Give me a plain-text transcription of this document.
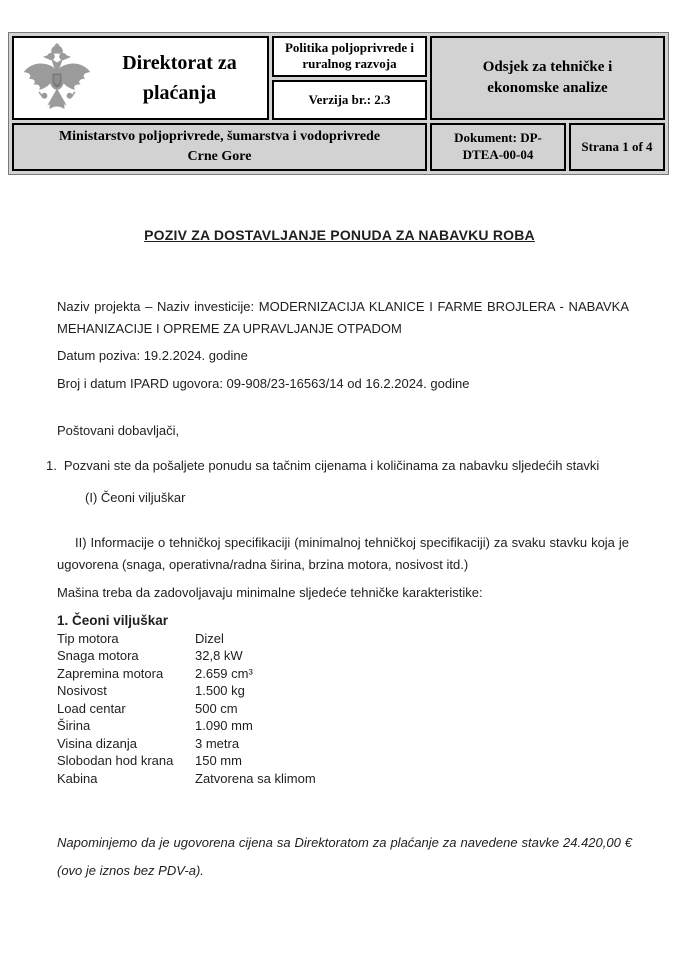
Direktorat za plaćanja
Politika poljoprivrede i ruralnog razvoja
Verzija br.: 2.3
Odsjek za tehničke i ekonomske analize
Ministarstvo poljoprivrede, šumarstva i vodoprivrede Crne Gore
Dokument: DP-DTEA-00-04
Strana 1 of 4
POZIV ZA DOSTAVLJANJE PONUDA ZA NABAVKU ROBA
Naziv projekta – Naziv investicije: MODERNIZACIJA KLANICE I FARME BROJLERA - NABAVKA MEHANIZACIJE I OPREME ZA UPRAVLJANJE OTPADOM
Datum poziva: 19.2.2024. godine
Broj i datum IPARD ugovora: 09-908/23-16563/14 od 16.2.2024. godine
Poštovani dobavljači,
1. Pozvani ste da pošaljete ponudu sa tačnim cijenama i količinama za nabavku sljedećih stavki
(I) Čeoni viljuškar
II) Informacije o tehničkoj specifikaciji (minimalnoj tehničkoj specifikaciji) za svaku stavku koja je ugovorena (snaga, operativna/radna širina, brzina motora, nosivost itd.)
Mašina treba da zadovoljavaju minimalne sljedeće tehničke karakteristike:
1. Čeoni viljuškar
Tip motora	Dizel
Snaga motora	32,8 kW
Zapremina motora	2.659 cm³
Nosivost	1.500 kg
Load centar	500 cm
Širina	1.090 mm
Visina dizanja	3 metra
Slobodan hod krana	150 mm
Kabina	Zatvorena sa klimom
Napominjemo da je ugovorena cijena sa Direktoratom za plaćanje za navedene stavke 24.420,00 € (ovo je iznos bez PDV-a).
